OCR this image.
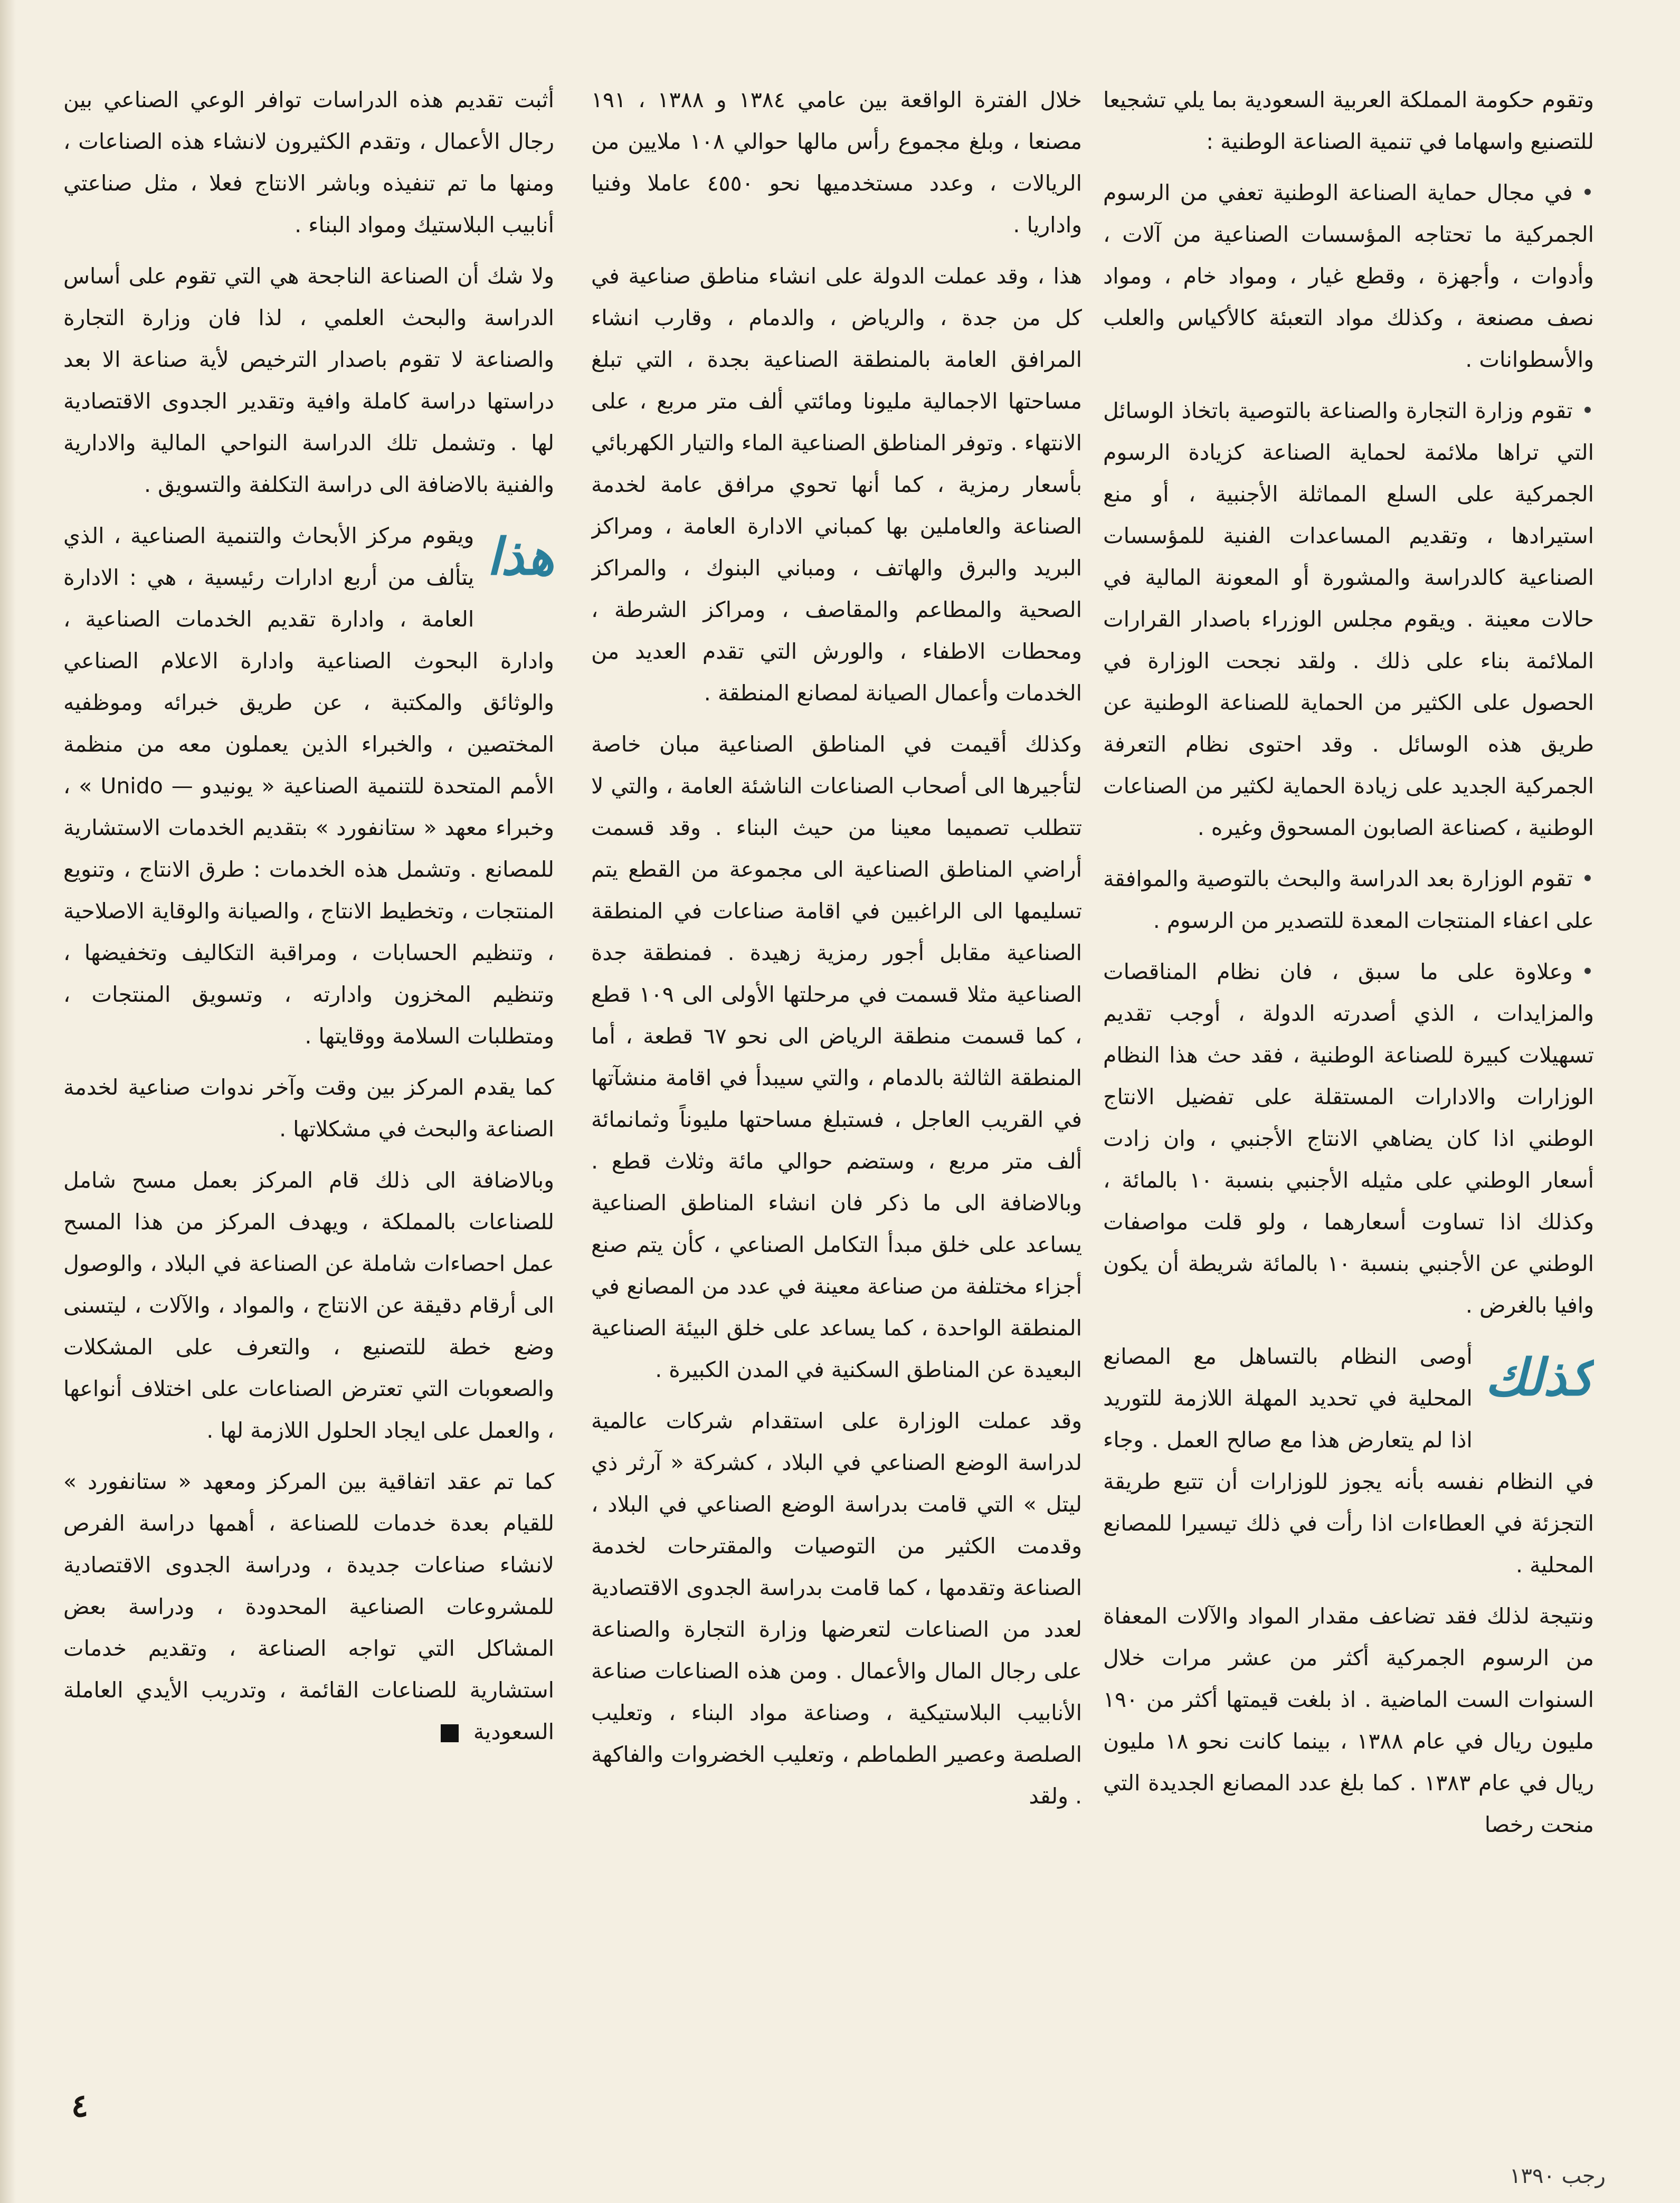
وتقوم حكومة المملكة العربية السعودية بما يلي تشجيعا للتصنيع واسهاما في تنمية الصناعة الوطنية :

• في مجال حماية الصناعة الوطنية تعفي من الرسوم الجمركية ما تحتاجه المؤسسات الصناعية من آلات ، وأدوات ، وأجهزة ، وقطع غيار ، ومواد خام ، ومواد نصف مصنعة ، وكذلك مواد التعبئة كالأكياس والعلب والأسطوانات .

• تقوم وزارة التجارة والصناعة بالتوصية باتخاذ الوسائل التي تراها ملائمة لحماية الصناعة كزيادة الرسوم الجمركية على السلع المماثلة الأجنبية ، أو منع استيرادها ، وتقديم المساعدات الفنية للمؤسسات الصناعية كالدراسة والمشورة أو المعونة المالية في حالات معينة . ويقوم مجلس الوزراء باصدار القرارات الملائمة بناء على ذلك . ولقد نجحت الوزارة في الحصول على الكثير من الحماية للصناعة الوطنية عن طريق هذه الوسائل . وقد احتوى نظام التعرفة الجمركية الجديد على زيادة الحماية لكثير من الصناعات الوطنية ، كصناعة الصابون المسحوق وغيره .

• تقوم الوزارة بعد الدراسة والبحث بالتوصية والموافقة على اعفاء المنتجات المعدة للتصدير من الرسوم .

• وعلاوة على ما سبق ، فان نظام المناقصات والمزايدات ، الذي أصدرته الدولة ، أوجب تقديم تسهيلات كبيرة للصناعة الوطنية ، فقد حث هذا النظام الوزارات والادارات المستقلة على تفضيل الانتاج الوطني اذا كان يضاهي الانتاج الأجنبي ، وان زادت أسعار الوطني على مثيله الأجنبي بنسبة ١٠ بالمائة ، وكذلك اذا تساوت أسعارهما ، ولو قلت مواصفات الوطني عن الأجنبي بنسبة ١٠ بالمائة شريطة أن يكون وافيا بالغرض .

كذلك
أوصى النظام بالتساهل مع المصانع المحلية في تحديد المهلة اللازمة للتوريد اذا لم يتعارض هذا مع صالح العمل . وجاء في النظام نفسه بأنه يجوز للوزارات أن تتبع طريقة التجزئة في العطاءات اذا رأت في ذلك تيسيرا للمصانع المحلية .

ونتيجة لذلك فقد تضاعف مقدار المواد والآلات المعفاة من الرسوم الجمركية أكثر من عشر مرات خلال السنوات الست الماضية . اذ بلغت قيمتها أكثر من ١٩٠ مليون ريال في عام ١٣٨٨ ، بينما كانت نحو ١٨ مليون ريال في عام ١٣٨٣ . كما بلغ عدد المصانع الجديدة التي منحت رخصا

خلال الفترة الواقعة بين عامي ١٣٨٤ و ١٣٨٨ ، ١٩١ مصنعا ، وبلغ مجموع رأس مالها حوالي ١٠٨ ملايين من الريالات ، وعدد مستخدميها نحو ٤٥٥٠ عاملا وفنيا واداريا .

هذا ، وقد عملت الدولة على انشاء مناطق صناعية في كل من جدة ، والرياض ، والدمام ، وقارب انشاء المرافق العامة بالمنطقة الصناعية بجدة ، التي تبلغ مساحتها الاجمالية مليونا ومائتي ألف متر مربع ، على الانتهاء . وتوفر المناطق الصناعية الماء والتيار الكهربائي بأسعار رمزية ، كما أنها تحوي مرافق عامة لخدمة الصناعة والعاملين بها كمباني الادارة العامة ، ومراكز البريد والبرق والهاتف ، ومباني البنوك ، والمراكز الصحية والمطاعم والمقاصف ، ومراكز الشرطة ، ومحطات الاطفاء ، والورش التي تقدم العديد من الخدمات وأعمال الصيانة لمصانع المنطقة .

وكذلك أقيمت في المناطق الصناعية مبان خاصة لتأجيرها الى أصحاب الصناعات الناشئة العامة ، والتي لا تتطلب تصميما معينا من حيث البناء . وقد قسمت أراضي المناطق الصناعية الى مجموعة من القطع يتم تسليمها الى الراغبين في اقامة صناعات في المنطقة الصناعية مقابل أجور رمزية زهيدة . فمنطقة جدة الصناعية مثلا قسمت في مرحلتها الأولى الى ١٠٩ قطع ، كما قسمت منطقة الرياض الى نحو ٦٧ قطعة ، أما المنطقة الثالثة بالدمام ، والتي سيبدأ في اقامة منشآتها في القريب العاجل ، فستبلغ مساحتها مليوناً وثمانمائة ألف متر مربع ، وستضم حوالي مائة وثلاث قطع . وبالاضافة الى ما ذكر فان انشاء المناطق الصناعية يساعد على خلق مبدأ التكامل الصناعي ، كأن يتم صنع أجزاء مختلفة من صناعة معينة في عدد من المصانع في المنطقة الواحدة ، كما يساعد على خلق البيئة الصناعية البعيدة عن المناطق السكنية في المدن الكبيرة .

وقد عملت الوزارة على استقدام شركات عالمية لدراسة الوضع الصناعي في البلاد ، كشركة « آرثر ذي ليتل » التي قامت بدراسة الوضع الصناعي في البلاد ، وقدمت الكثير من التوصيات والمقترحات لخدمة الصناعة وتقدمها ، كما قامت بدراسة الجدوى الاقتصادية لعدد من الصناعات لتعرضها وزارة التجارة والصناعة على رجال المال والأعمال . ومن هذه الصناعات صناعة الأنابيب البلاستيكية ، وصناعة مواد البناء ، وتعليب الصلصة وعصير الطماطم ، وتعليب الخضروات والفاكهة . ولقد

أثبت تقديم هذه الدراسات توافر الوعي الصناعي بين رجال الأعمال ، وتقدم الكثيرون لانشاء هذه الصناعات ، ومنها ما تم تنفيذه وباشر الانتاج فعلا ، مثل صناعتي أنابيب البلاستيك ومواد البناء .

ولا شك أن الصناعة الناجحة هي التي تقوم على أساس الدراسة والبحث العلمي ، لذا فان وزارة التجارة والصناعة لا تقوم باصدار الترخيص لأية صناعة الا بعد دراستها دراسة كاملة وافية وتقدير الجدوى الاقتصادية لها . وتشمل تلك الدراسة النواحي المالية والادارية والفنية بالاضافة الى دراسة التكلفة والتسويق .

هذا
ويقوم مركز الأبحاث والتنمية الصناعية ، الذي يتألف من أربع ادارات رئيسية ، هي : الادارة العامة ، وادارة تقديم الخدمات الصناعية ، وادارة البحوث الصناعية وادارة الاعلام الصناعي والوثائق والمكتبة ، عن طريق خبرائه وموظفيه المختصين ، والخبراء الذين يعملون معه من منظمة الأمم المتحدة للتنمية الصناعية « يونيدو — Unido » ، وخبراء معهد « ستانفورد » بتقديم الخدمات الاستشارية للمصانع . وتشمل هذه الخدمات : طرق الانتاج ، وتنويع المنتجات ، وتخطيط الانتاج ، والصيانة والوقاية الاصلاحية ، وتنظيم الحسابات ، ومراقبة التكاليف وتخفيضها ، وتنظيم المخزون وادارته ، وتسويق المنتجات ، ومتطلبات السلامة ووقايتها .

كما يقدم المركز بين وقت وآخر ندوات صناعية لخدمة الصناعة والبحث في مشكلاتها .

وبالاضافة الى ذلك قام المركز بعمل مسح شامل للصناعات بالمملكة ، ويهدف المركز من هذا المسح عمل احصاءات شاملة عن الصناعة في البلاد ، والوصول الى أرقام دقيقة عن الانتاج ، والمواد ، والآلات ، ليتسنى وضع خطة للتصنيع ، والتعرف على المشكلات والصعوبات التي تعترض الصناعات على اختلاف أنواعها ، والعمل على ايجاد الحلول اللازمة لها .

كما تم عقد اتفاقية بين المركز ومعهد « ستانفورد » للقيام بعدة خدمات للصناعة ، أهمها دراسة الفرص لانشاء صناعات جديدة ، ودراسة الجدوى الاقتصادية للمشروعات الصناعية المحدودة ، ودراسة بعض المشاكل التي تواجه الصناعة ، وتقديم خدمات استشارية للصناعات القائمة ، وتدريب الأيدي العاملة السعودية

٤
رجب ١٣٩٠
